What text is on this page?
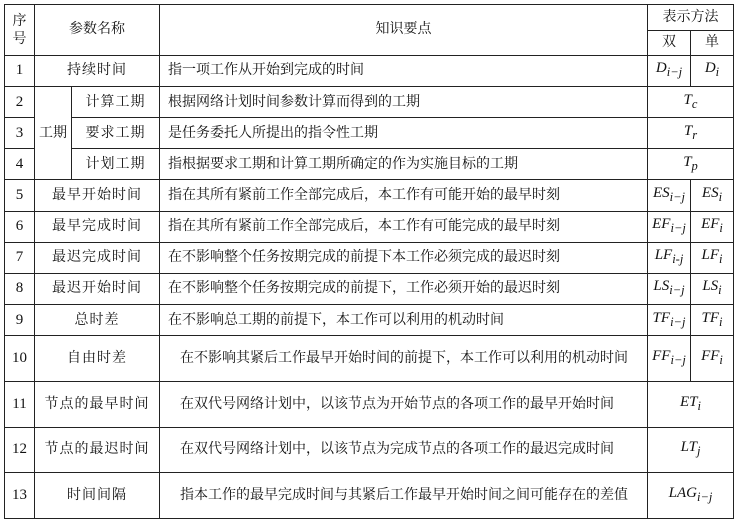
序
号	参数名称		知识要点	表示方法	
				双	单
1	持续时间		指一项工作从开始到完成的时间	$D_{i-j}$	$D_i$
2	工期	计算工期	根据网络计划时间参数计算而得到的工期	$T_c$
3		要求工期	是任务委托人所提出的指令性工期	$T_r$
4		计划工期	指根据要求工期和计算工期所确定的作为实施目标的工期	$T_p$
5	最早开始时间		指在其所有紧前工作全部完成后，本工作有可能开始的最早时刻	$ES_{i-j}$	$ES_i$
6	最早完成时间		指在其所有紧前工作全部完成后，本工作有可能完成的最早时刻	$EF_{i-j}$	$EF_i$
7	最迟完成时间		在不影响整个任务按期完成的前提下本工作必须完成的最迟时刻	$LF_{i-j}$	$LF_i$
8	最迟开始时间		在不影响整个任务按期完成的前提下，工作必须开始的最迟时刻	$LS_{i-j}$	$LS_i$
9	总时差		在不影响总工期的前提下，本工作可以利用的机动时间	$TF_{i-j}$	$TF_i$
10	自由时差		在不影响其紧后工作最早开始时间的前提下，本工作可以利用的机动时间	$FF_{i-j}$	$FF_i$
11	节点的最早时间		在双代号网络计划中，以该节点为开始节点的各项工作的最早开始时间	$ET_i$
12	节点的最迟时间		在双代号网络计划中，以该节点为完成节点的各项工作的最迟完成时间	$LT_j$
13	时间间隔		指本工作的最早完成时间与其紧后工作最早开始时间之间可能存在的差值	$LAG_{i-j}$
